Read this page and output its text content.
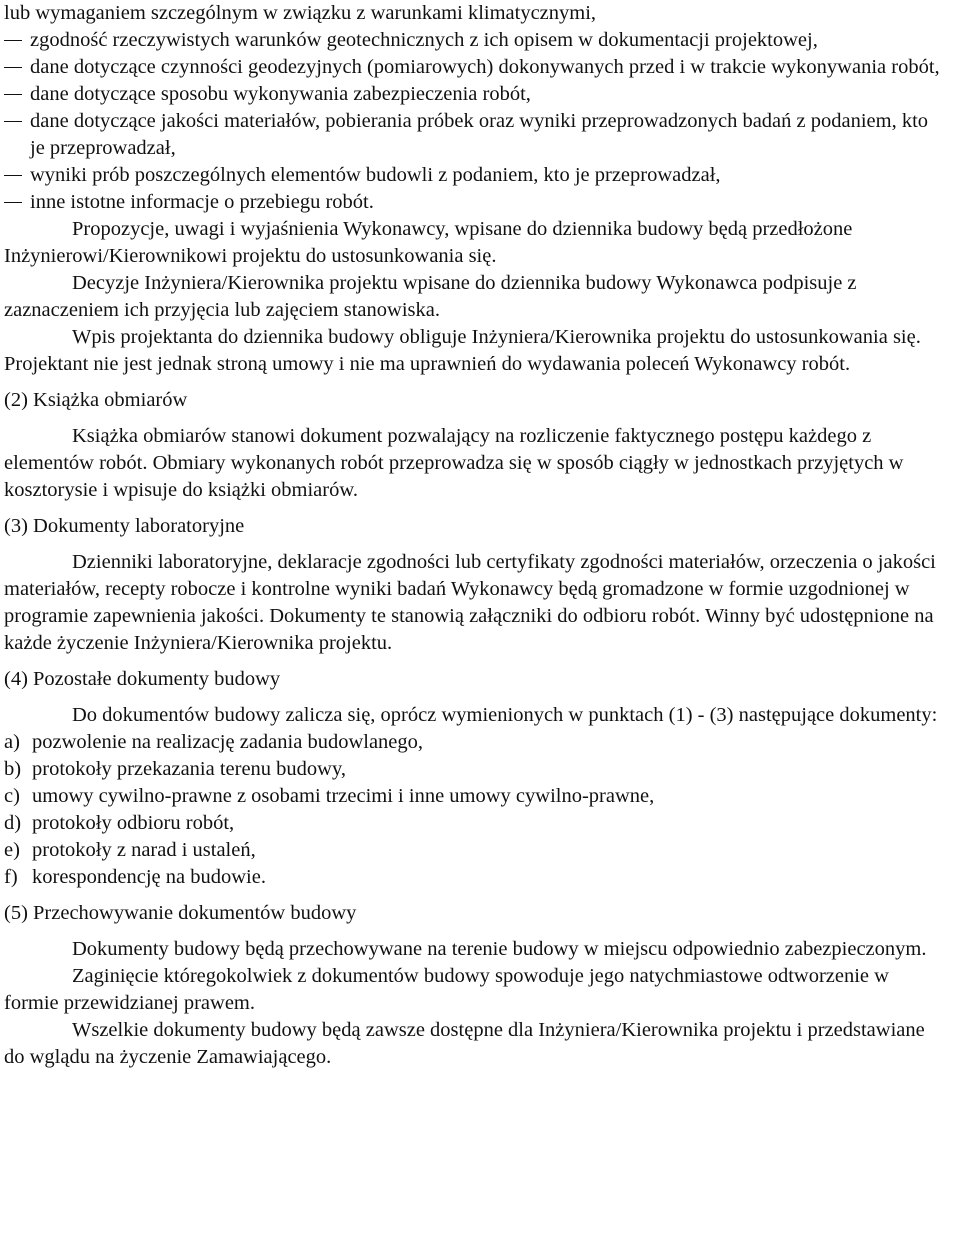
lub wymaganiem szczególnym w związku z warunkami klimatycznymi,

zgodność rzeczywistych warunków geotechnicznych z ich opisem w dokumentacji projektowej,
dane dotyczące czynności geodezyjnych (pomiarowych) dokonywanych przed i w trakcie wykonywania robót,
dane dotyczące sposobu wykonywania zabezpieczenia robót,
dane dotyczące jakości materiałów, pobierania próbek oraz wyniki przeprowadzonych badań z podaniem, kto je przeprowadzał,
wyniki prób poszczególnych elementów budowli z podaniem, kto je przeprowadzał,
inne istotne informacje o przebiegu robót.

Propozycje, uwagi i wyjaśnienia Wykonawcy, wpisane do dziennika budowy będą przedłożone Inżynierowi/Kierownikowi projektu do ustosunkowania się.

Decyzje Inżyniera/Kierownika projektu wpisane do dziennika budowy Wykonawca podpisuje z zaznaczeniem ich przyjęcia lub zajęciem stanowiska.

Wpis projektanta do dziennika budowy obliguje Inżyniera/Kierownika projektu do ustosunkowania się. Projektant nie jest jednak stroną umowy i nie ma uprawnień do wydawania poleceń Wykonawcy robót.

(2) Książka obmiarów

Książka obmiarów stanowi dokument pozwalający na rozliczenie faktycznego postępu każdego z elementów robót. Obmiary wykonanych robót przeprowadza się w sposób ciągły w jednostkach przyjętych w kosztorysie i wpisuje do książki obmiarów.

(3) Dokumenty laboratoryjne

Dzienniki laboratoryjne, deklaracje zgodności lub certyfikaty zgodności materiałów, orzeczenia o jakości materiałów, recepty robocze i kontrolne wyniki badań Wykonawcy będą gromadzone w formie uzgodnionej w programie zapewnienia jakości. Dokumenty te stanowią załączniki do odbioru robót. Winny być udostępnione na każde życzenie Inżyniera/Kierownika projektu.

(4) Pozostałe dokumenty budowy

Do dokumentów budowy zalicza się, oprócz wymienionych w punktach (1) - (3) następujące dokumenty:

a) pozwolenie na realizację zadania budowlanego,
b) protokoły przekazania terenu budowy,
c) umowy cywilno-prawne z osobami trzecimi i inne umowy cywilno-prawne,
d) protokoły odbioru robót,
e) protokoły z narad i ustaleń,
f) korespondencję na budowie.

(5) Przechowywanie dokumentów budowy

Dokumenty budowy będą przechowywane na terenie budowy w miejscu odpowiednio zabezpieczonym.

Zaginięcie któregokolwiek z dokumentów budowy spowoduje jego natychmiastowe odtworzenie w formie przewidzianej prawem.

Wszelkie dokumenty budowy będą zawsze dostępne dla Inżyniera/Kierownika projektu i przedstawiane do wglądu na życzenie Zamawiającego.
